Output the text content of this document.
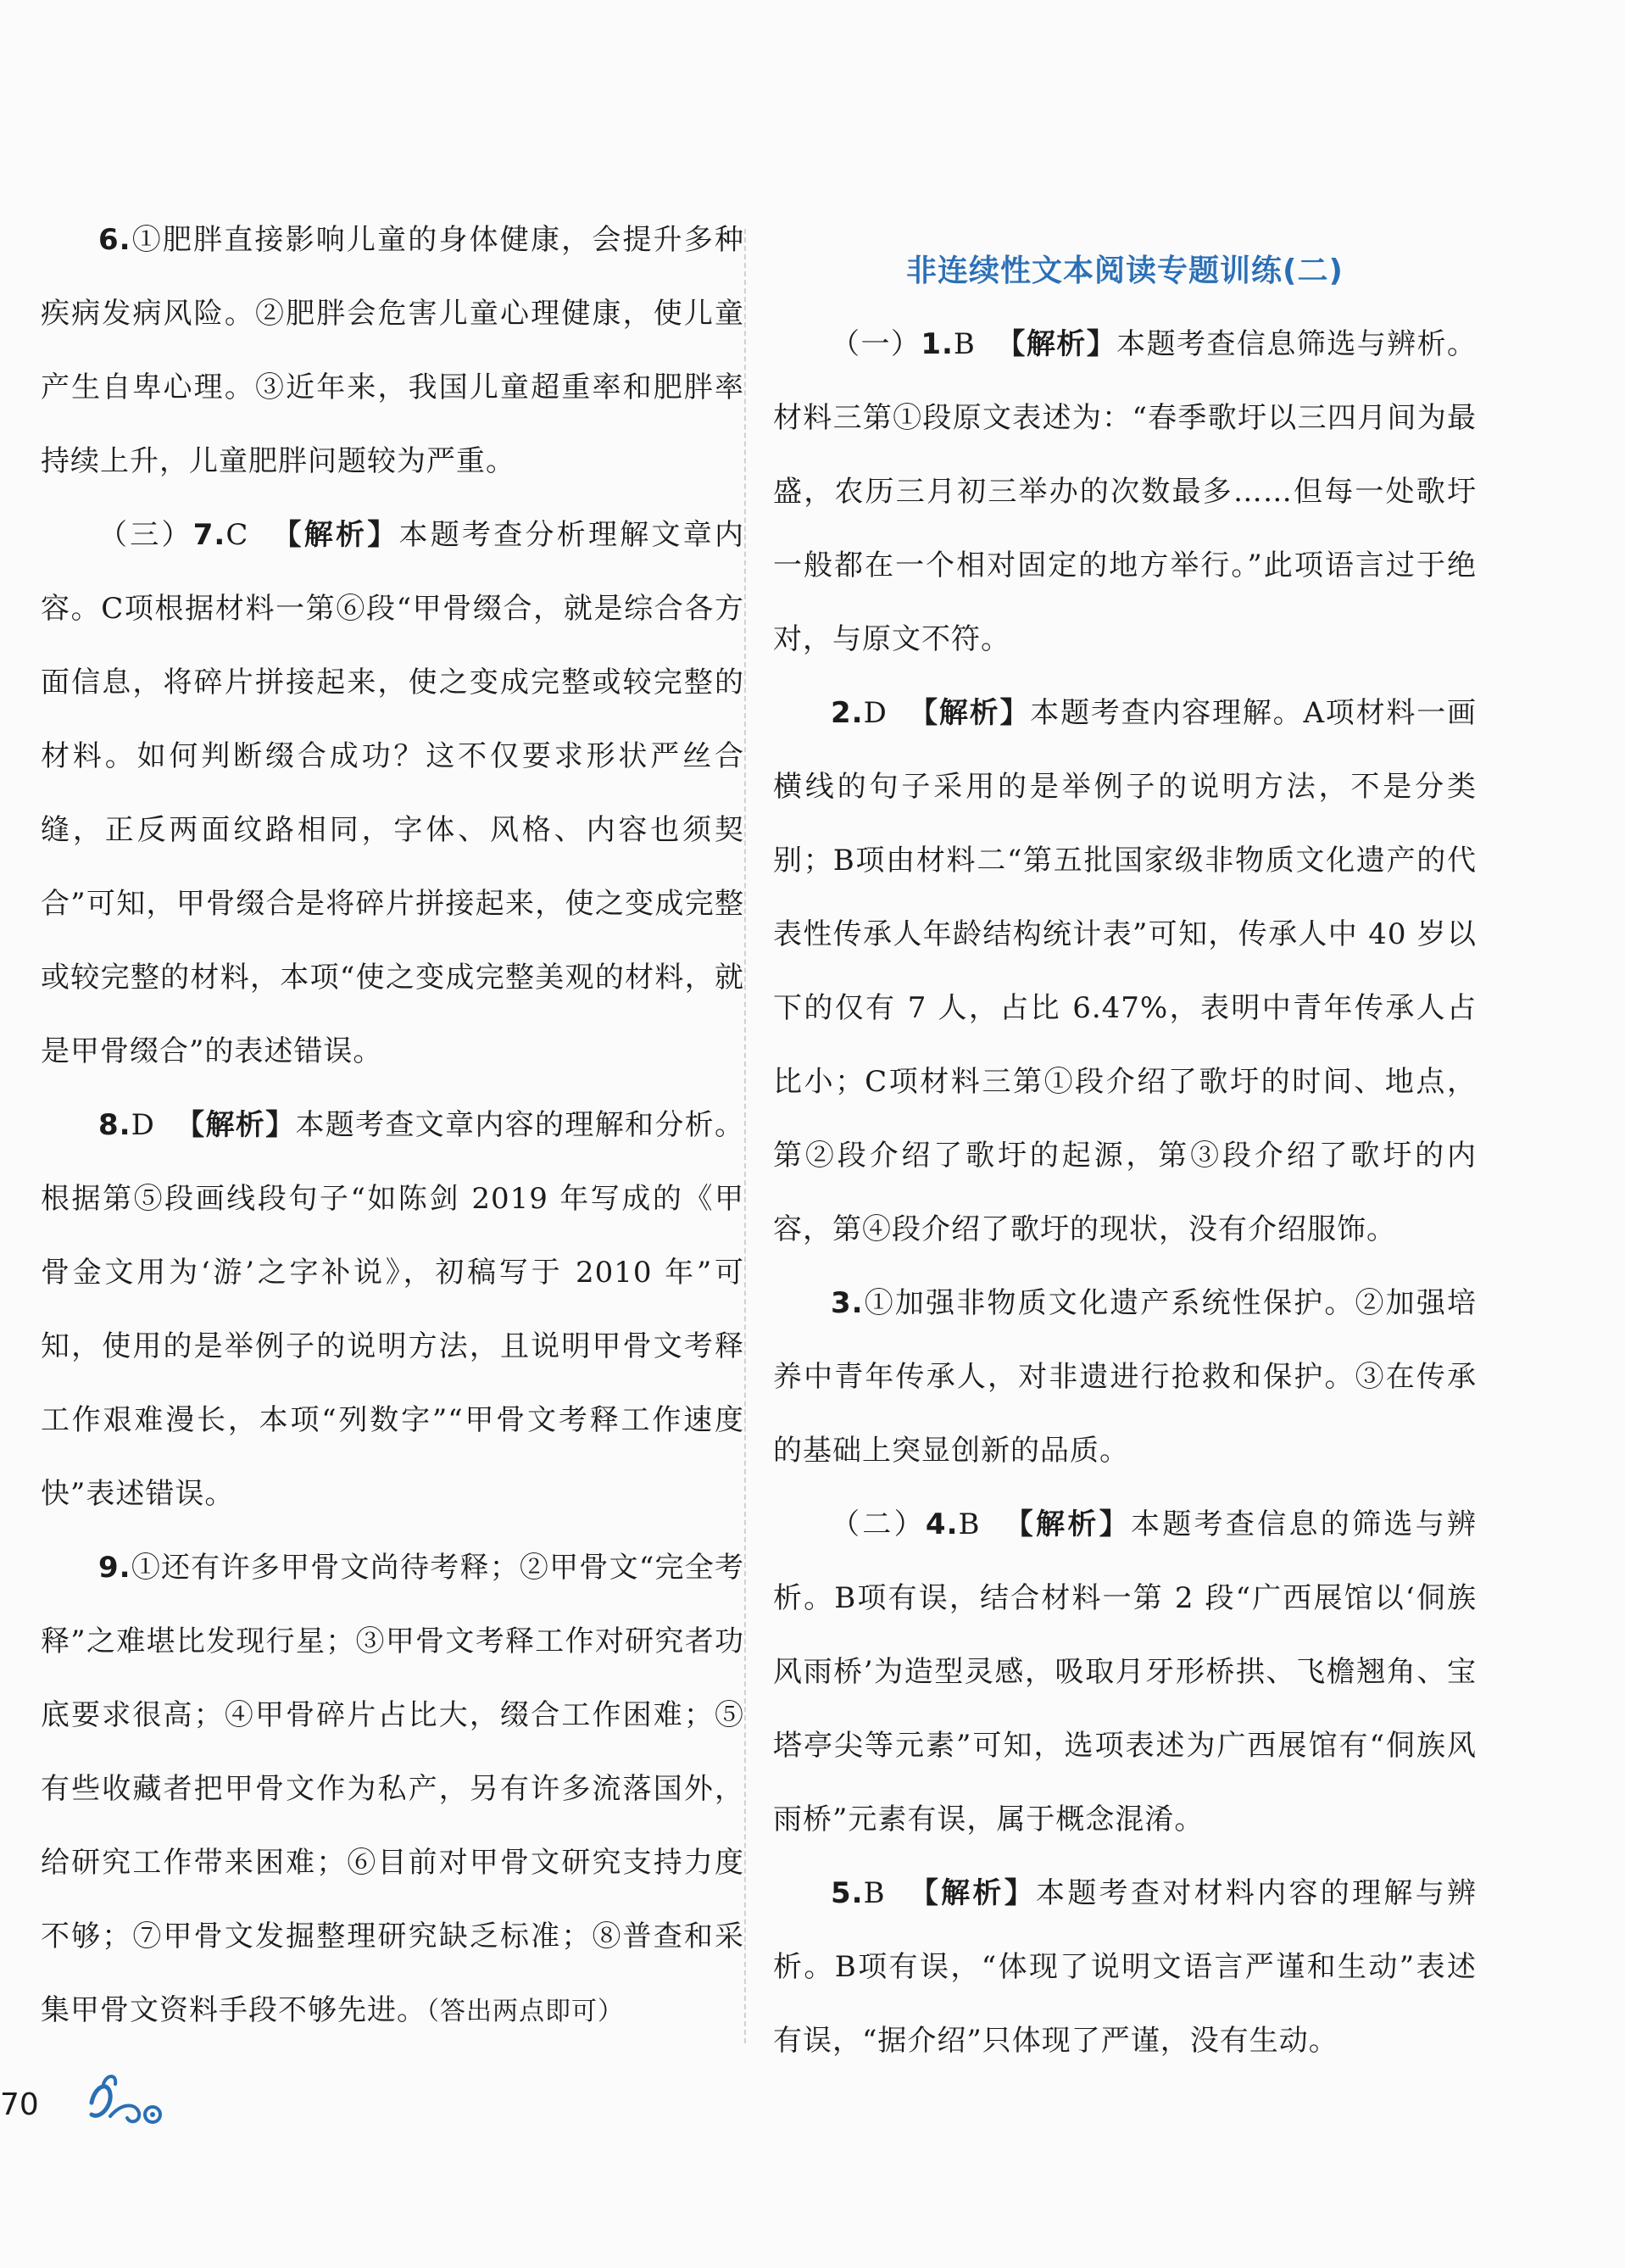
6.①肥胖直接影响儿童的身体健康，会提升多种疾病发病风险。②肥胖会危害儿童心理健康，使儿童产生自卑心理。③近年来，我国儿童超重率和肥胖率持续上升，儿童肥胖问题较为严重。

（三）7.C 【解析】本题考查分析理解文章内容。C项根据材料一第⑥段“甲骨缀合，就是综合各方面信息，将碎片拼接起来，使之变成完整或较完整的材料。如何判断缀合成功？这不仅要求形状严丝合缝，正反两面纹路相同，字体、风格、内容也须契合”可知，甲骨缀合是将碎片拼接起来，使之变成完整或较完整的材料，本项“使之变成完整美观的材料，就是甲骨缀合”的表述错误。

8.D 【解析】本题考查文章内容的理解和分析。根据第⑤段画线段句子“如陈剑 2019 年写成的《甲骨金文用为‘游’之字补说》，初稿写于 2010 年”可知，使用的是举例子的说明方法，且说明甲骨文考释工作艰难漫长，本项“列数字”“甲骨文考释工作速度快”表述错误。

9.①还有许多甲骨文尚待考释；②甲骨文“完全考释”之难堪比发现行星；③甲骨文考释工作对研究者功底要求很高；④甲骨碎片占比大，缀合工作困难；⑤有些收藏者把甲骨文作为私产，另有许多流落国外，给研究工作带来困难；⑥目前对甲骨文研究支持力度不够；⑦甲骨文发掘整理研究缺乏标准；⑧普查和采集甲骨文资料手段不够先进。（答出两点即可）

非连续性文本阅读专题训练(二)

（一）1.B 【解析】本题考查信息筛选与辨析。材料三第①段原文表述为：“春季歌圩以三四月间为最盛，农历三月初三举办的次数最多……但每一处歌圩一般都在一个相对固定的地方举行。”此项语言过于绝对，与原文不符。

2.D 【解析】本题考查内容理解。A项材料一画横线的句子采用的是举例子的说明方法，不是分类别；B项由材料二“第五批国家级非物质文化遗产的代表性传承人年龄结构统计表”可知，传承人中 40 岁以下的仅有 7 人，占比 6.47%，表明中青年传承人占比小；C项材料三第①段介绍了歌圩的时间、地点，第②段介绍了歌圩的起源，第③段介绍了歌圩的内容，第④段介绍了歌圩的现状，没有介绍服饰。

3.①加强非物质文化遗产系统性保护。②加强培养中青年传承人，对非遗进行抢救和保护。③在传承的基础上突显创新的品质。

（二）4.B 【解析】本题考查信息的筛选与辨析。B项有误，结合材料一第 2 段“广西展馆以‘侗族风雨桥’为造型灵感，吸取月牙形桥拱、飞檐翘角、宝塔亭尖等元素”可知，选项表述为广西展馆有“侗族风雨桥”元素有误，属于概念混淆。

5.B 【解析】本题考查对材料内容的理解与辨析。B项有误，“体现了说明文语言严谨和生动”表述有误，“据介绍”只体现了严谨，没有生动。

70
